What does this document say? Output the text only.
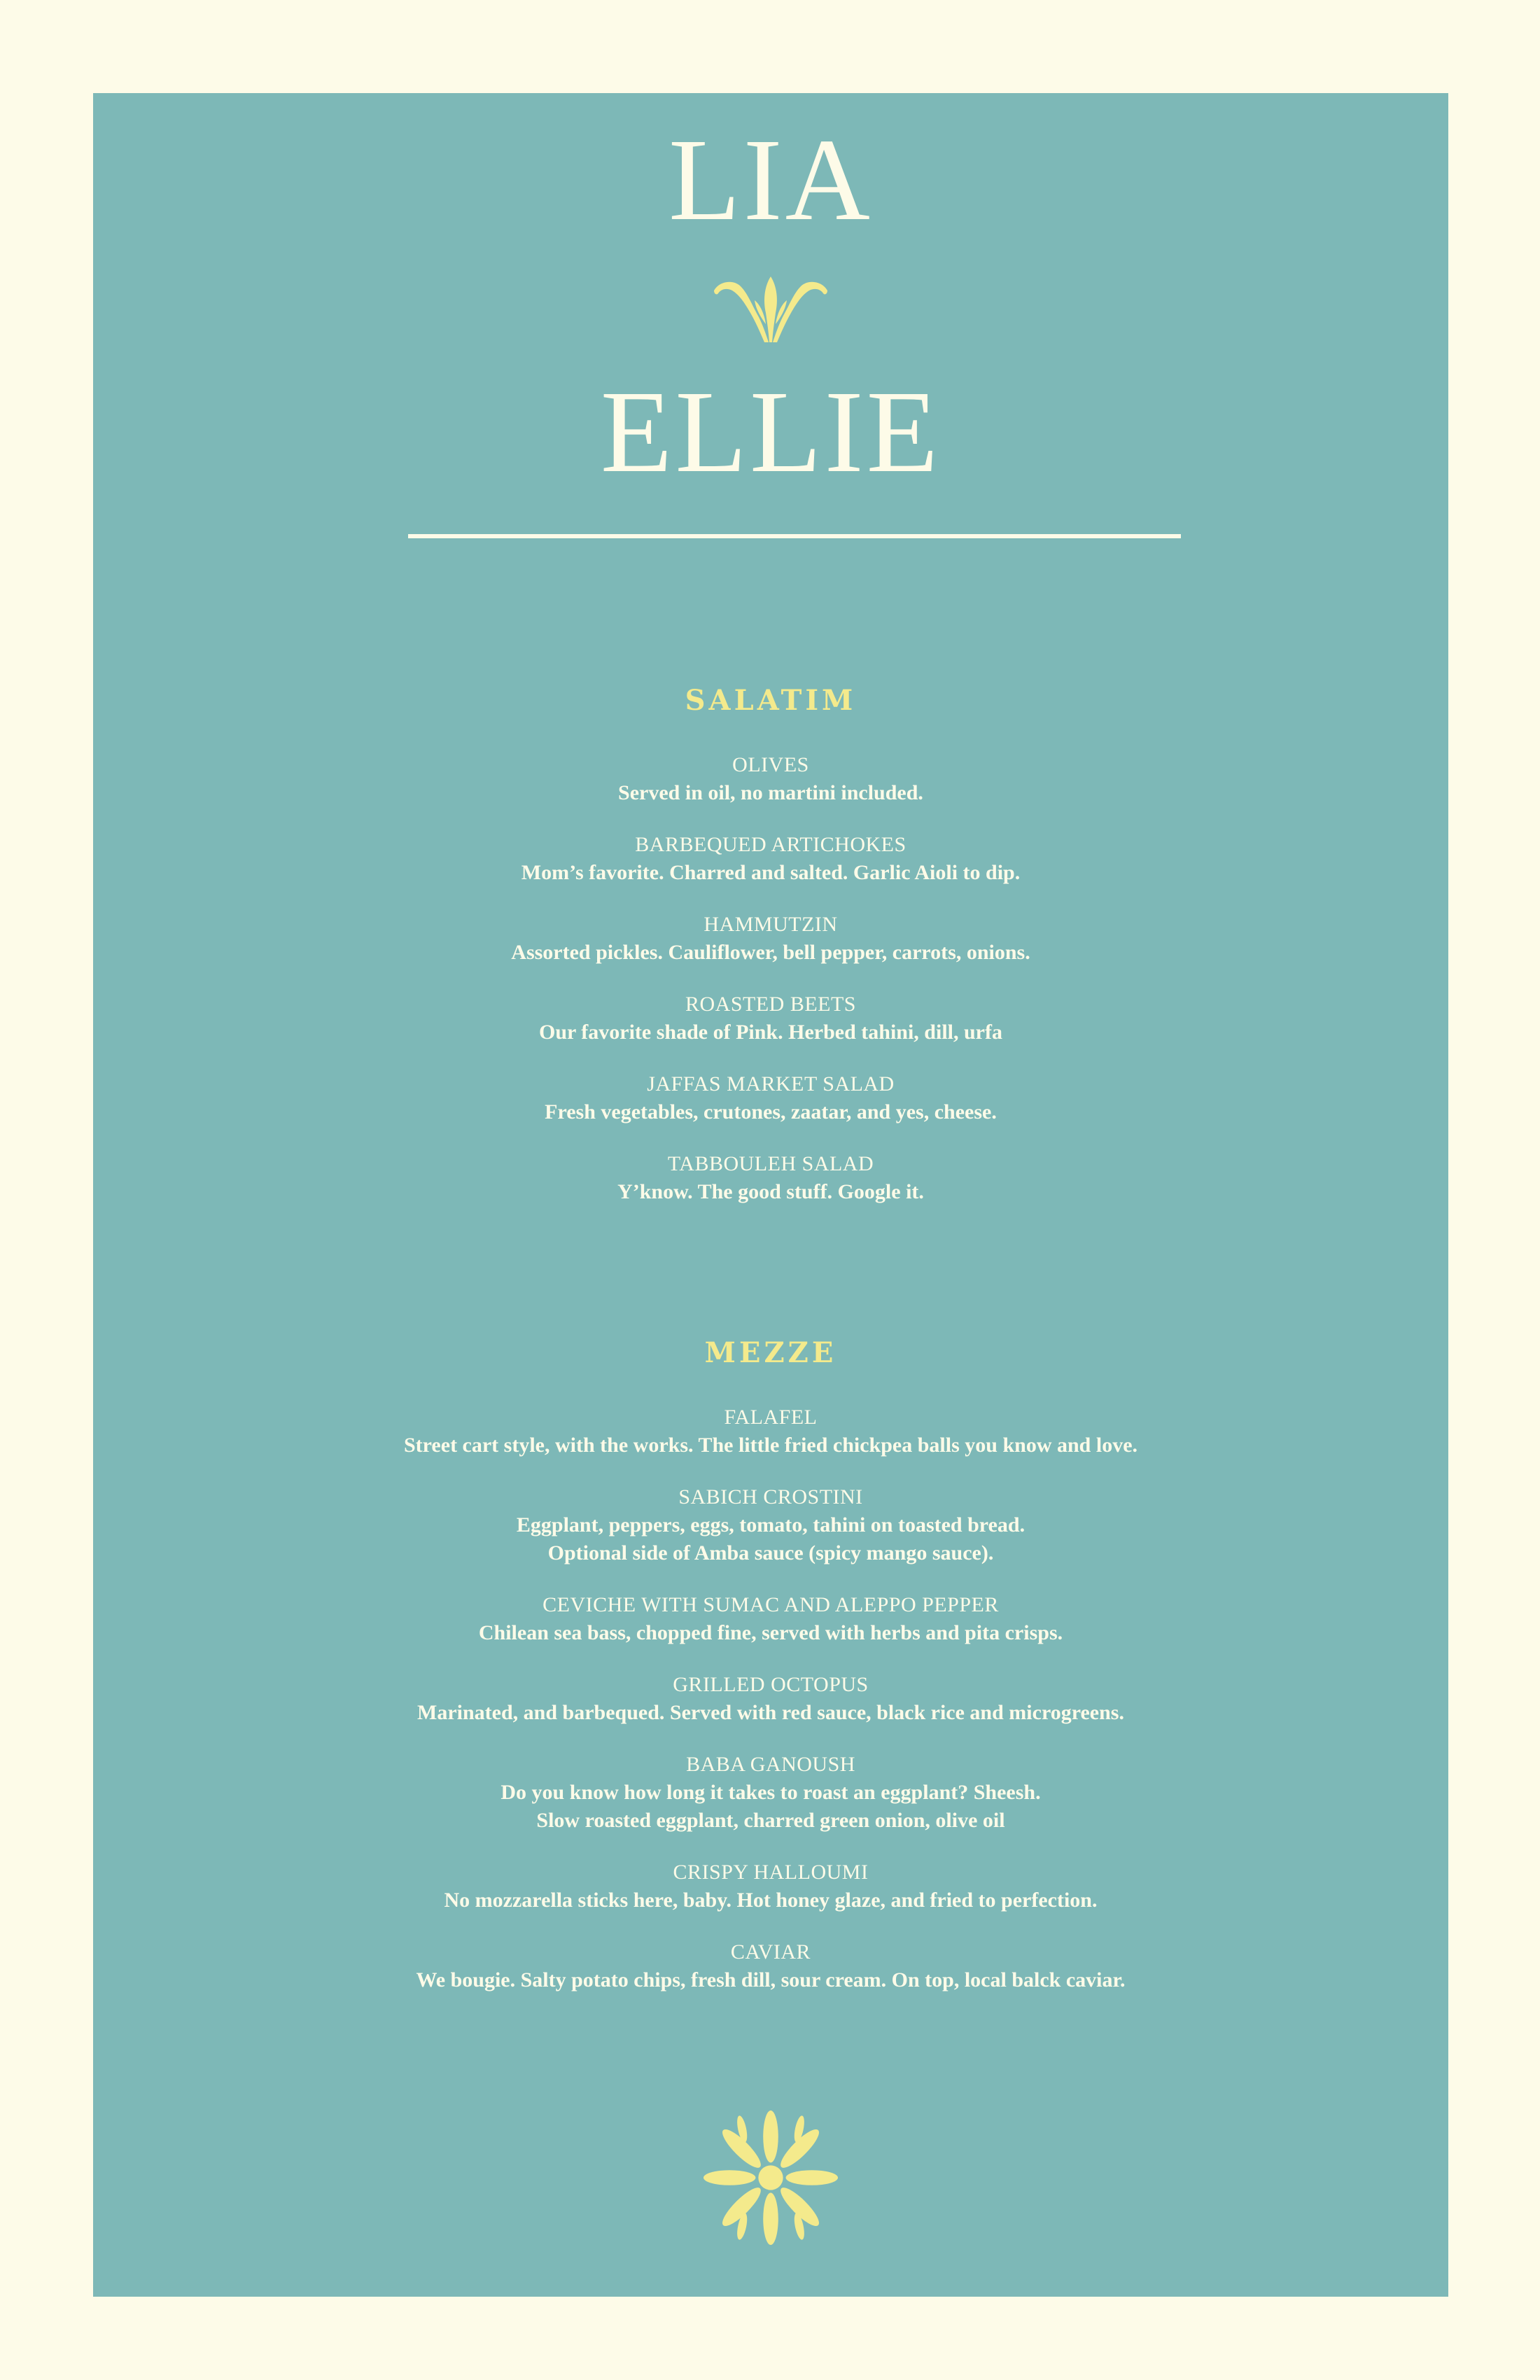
LIA
ELLIE
SALATIM
OLIVES
Served in oil, no martini included.
BARBEQUED ARTICHOKES
Mom’s favorite. Charred and salted. Garlic Aioli to dip.
HAMMUTZIN
Assorted pickles. Cauliflower, bell pepper, carrots, onions.
ROASTED BEETS
Our favorite shade of Pink. Herbed tahini, dill, urfa
JAFFAS MARKET SALAD
Fresh vegetables, crutones, zaatar, and yes, cheese.
TABBOULEH SALAD
Y’know. The good stuff. Google it.
MEZZE
FALAFEL
Street cart style, with the works. The little fried chickpea balls you know and love.
SABICH CROSTINI
Eggplant, peppers, eggs, tomato, tahini on toasted bread.
Optional side of Amba sauce (spicy mango sauce).
CEVICHE WITH SUMAC AND ALEPPO PEPPER
Chilean sea bass, chopped fine, served with herbs and pita crisps.
GRILLED OCTOPUS
Marinated, and barbequed. Served with red sauce, black rice and microgreens.
BABA GANOUSH
Do you know how long it takes to roast an eggplant? Sheesh.
Slow roasted eggplant, charred green onion, olive oil
CRISPY HALLOUMI
No mozzarella sticks here, baby. Hot honey glaze, and fried to perfection.
CAVIAR
We bougie. Salty potato chips, fresh dill, sour cream. On top, local balck caviar.
